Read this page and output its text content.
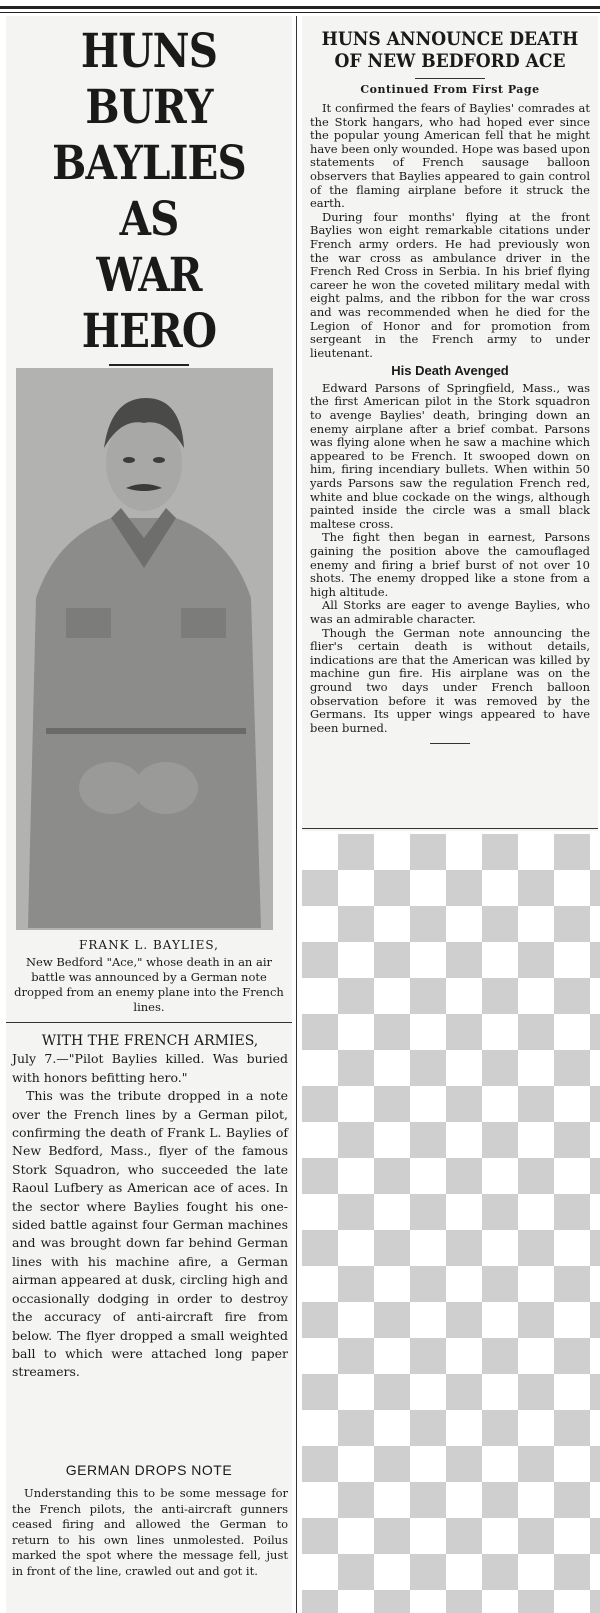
HUNS BURY
BAYLIES AS
WAR HERO
FRANK L. BAYLIES,
New Bedford "Ace," whose death in an air battle was announced by a German note dropped from an enemy plane into the French lines.

WITH THE FRENCH ARMIES,

July 7.—"Pilot Baylies killed. Was buried with honors befitting hero."

This was the tribute dropped in a note over the French lines by a German pilot, confirming the death of Frank L. Baylies of New Bedford, Mass., flyer of the famous Stork Squadron, who succeeded the late Raoul Lufbery as American ace of aces. In the sector where Baylies fought his one-sided battle against four German machines and was brought down far behind German lines with his machine afire, a German airman appeared at dusk, circling high and occasionally dodging in order to destroy the accuracy of anti-aircraft fire from below. The flyer dropped a small weighted ball to which were attached long paper streamers.

GERMAN DROPS NOTE

Understanding this to be some message for the French pilots, the anti-aircraft gunners ceased firing and allowed the German to return to his own lines unmolested. Poilus marked the spot where the message fell, just in front of the line, crawled out and got it.

HUNS ANNOUNCE DEATH
OF NEW BEDFORD ACE
Continued From First Page

It confirmed the fears of Baylies' comrades at the Stork hangars, who had hoped ever since the popular young American fell that he might have been only wounded. Hope was based upon statements of French sausage balloon observers that Baylies appeared to gain control of the flaming airplane before it struck the earth.

During four months' flying at the front Baylies won eight remarkable citations under French army orders. He had previously won the war cross as ambulance driver in the French Red Cross in Serbia. In his brief flying career he won the coveted military medal with eight palms, and the ribbon for the war cross and was recommended when he died for the Legion of Honor and for promotion from sergeant in the French army to under lieutenant.

His Death Avenged

Edward Parsons of Springfield, Mass., was the first American pilot in the Stork squadron to avenge Baylies' death, bringing down an enemy airplane after a brief combat. Parsons was flying alone when he saw a machine which appeared to be French. It swooped down on him, firing incendiary bullets. When within 50 yards Parsons saw the regulation French red, white and blue cockade on the wings, although painted inside the circle was a small black maltese cross.

The fight then began in earnest, Parsons gaining the position above the camouflaged enemy and firing a brief burst of not over 10 shots. The enemy dropped like a stone from a high altitude.

All Storks are eager to avenge Baylies, who was an admirable character.

Though the German note announcing the flier's certain death is without details, indications are that the American was killed by machine gun fire. His airplane was on the ground two days under French balloon observation before it was removed by the Germans. Its upper wings appeared to have been burned.
